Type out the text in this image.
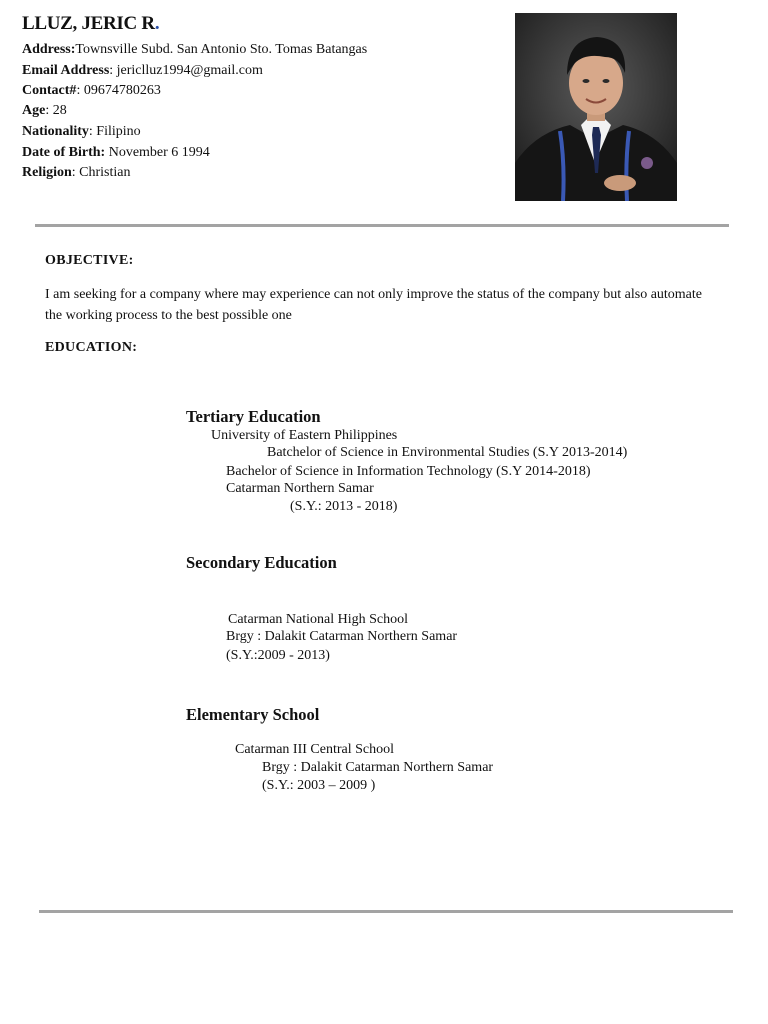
LLUZ, JERIC R.
Address:Townsville Subd. San Antonio Sto. Tomas Batangas
Email Address: jericlluz1994@gmail.com
Contact#: 09674780263
Age: 28
Nationality: Filipino
Date of Birth: November 6 1994
Religion: Christian
OBJECTIVE:
I am seeking for a company where may experience can not only improve the status of the company but also automate the working process to the best possible one
EDUCATION:
Tertiary Education
University of Eastern Philippines
Batchelor of Science in Environmental Studies (S.Y 2013-2014)
Bachelor of Science in Information Technology (S.Y 2014-2018)
Catarman Northern Samar
(S.Y.: 2013 - 2018)
Secondary Education
Catarman National High School
Brgy : Dalakit Catarman Northern Samar
(S.Y.:2009 - 2013)
Elementary School
Catarman III Central School
Brgy : Dalakit Catarman Northern Samar
(S.Y.: 2003 – 2009 )
